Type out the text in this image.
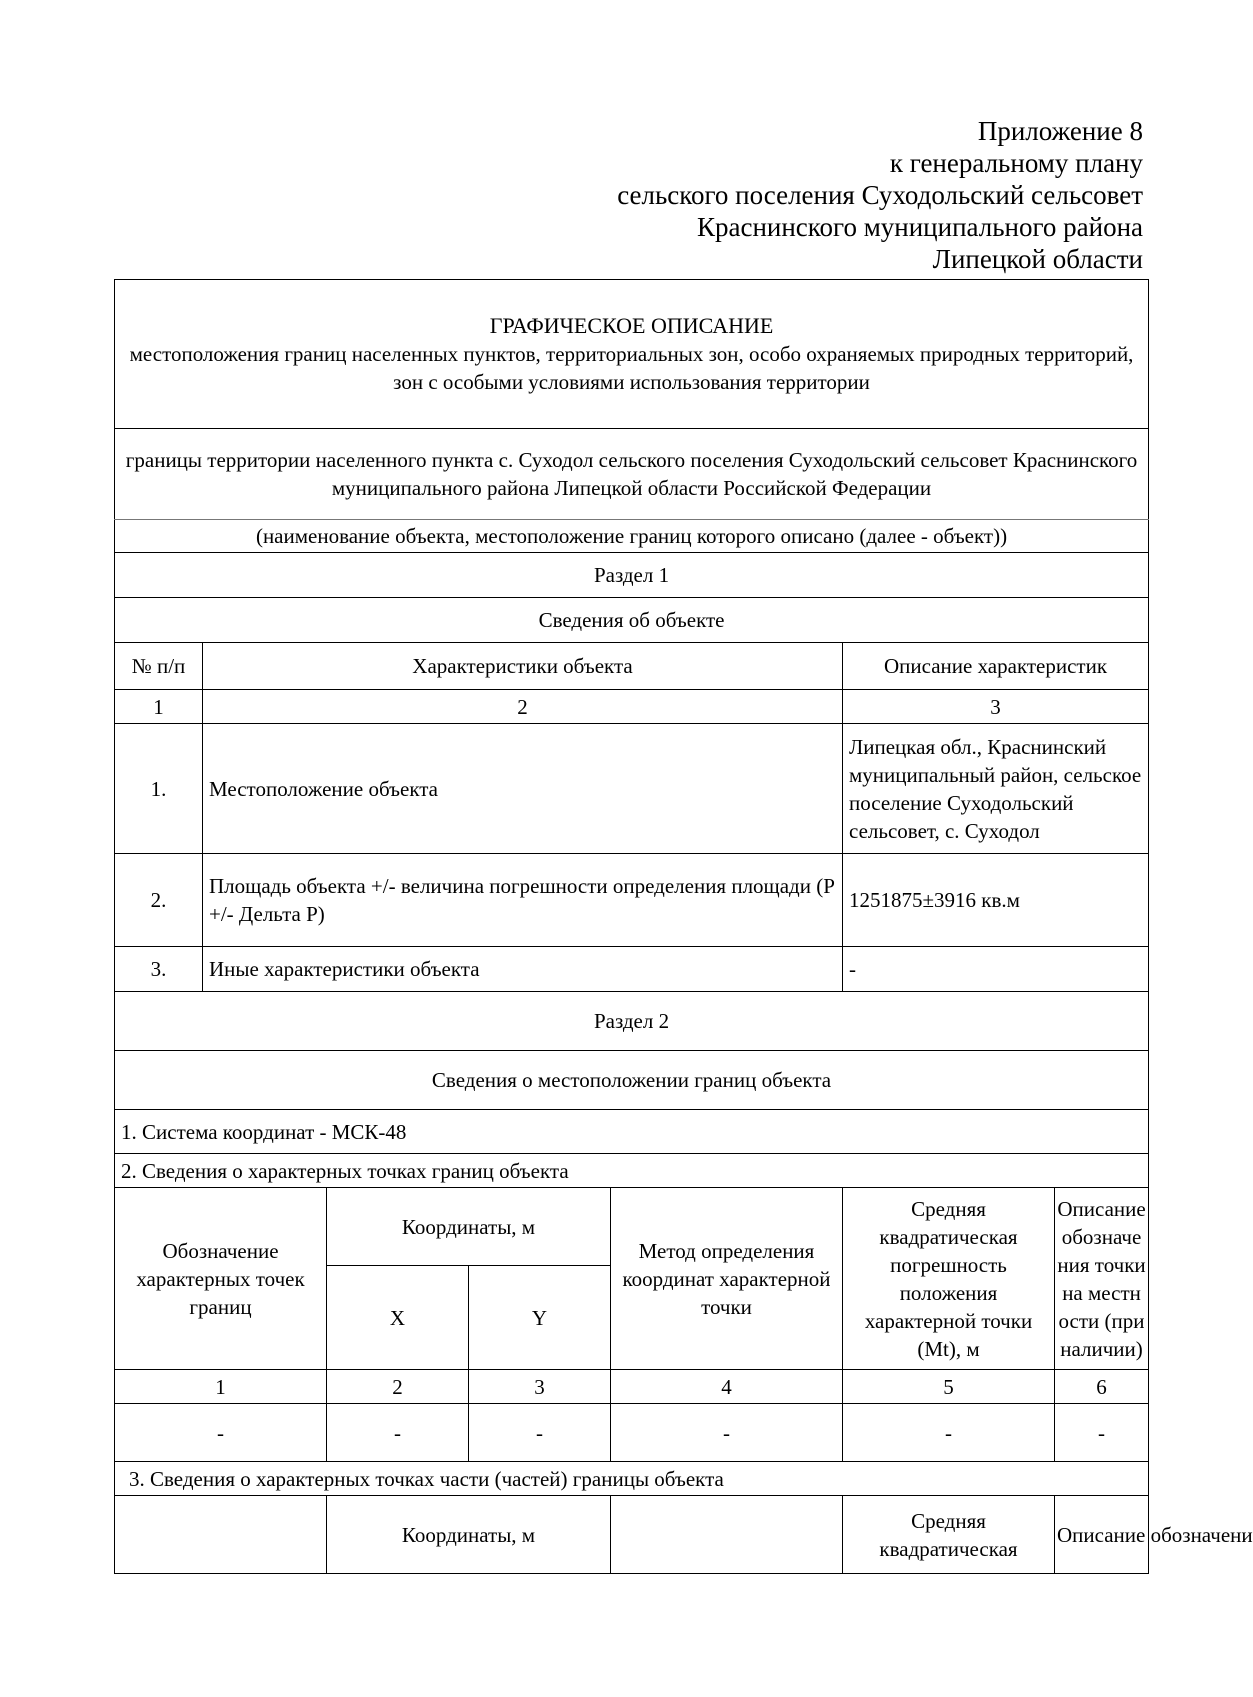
Приложение 8
к генеральному плану
сельского поселения Суходольский сельсовет
Краснинского муниципального района
Липецкой области
ГРАФИЧЕСКОЕ ОПИСАНИЕ
местоположения границ населенных пунктов, территориальных зон, особо охраняемых природных территорий, зон с особыми условиями использования территории						

границы территории населенного пункта с. Суходол сельского поселения Суходольский сельсовет Краснинского муниципального района Липецкой области Российской Федерации						
(наименование объекта, местоположение границ которого описано (далее - объект))						
Раздел 1						
Сведения об объекте						
№ п/п	Характеристики объекта				Описание характеристик	
1	2				3	
1.	Местоположение объекта				Липецкая обл., Краснинский муниципальный район, сельское поселение Суходольский сельсовет, с. Суходол	
2.	Площадь объекта +/- величина погрешности определения площади (Р +/- Дельта Р)				1251875±3916 кв.м	
3.	Иные характеристики объекта				-	
Раздел 2						
Сведения о местоположении границ объекта						
1. Система координат - МСК-48						
2. Сведения о характерных точках границ объекта						
Обозначение характерных точек границ		Координаты, м		Метод определения координат характерной точки	Средняя квадратическая погрешность положения характерной точки (Mt), м	Описание обозначения точки на местности (при наличии)
		X	Y			
1		2	3	4	5	6
-		-	-	-	-	-
3. Сведения о характерных точках части (частей) границы объекта						
		Координаты, м			Средняя квадратическая	Описание обозначени
